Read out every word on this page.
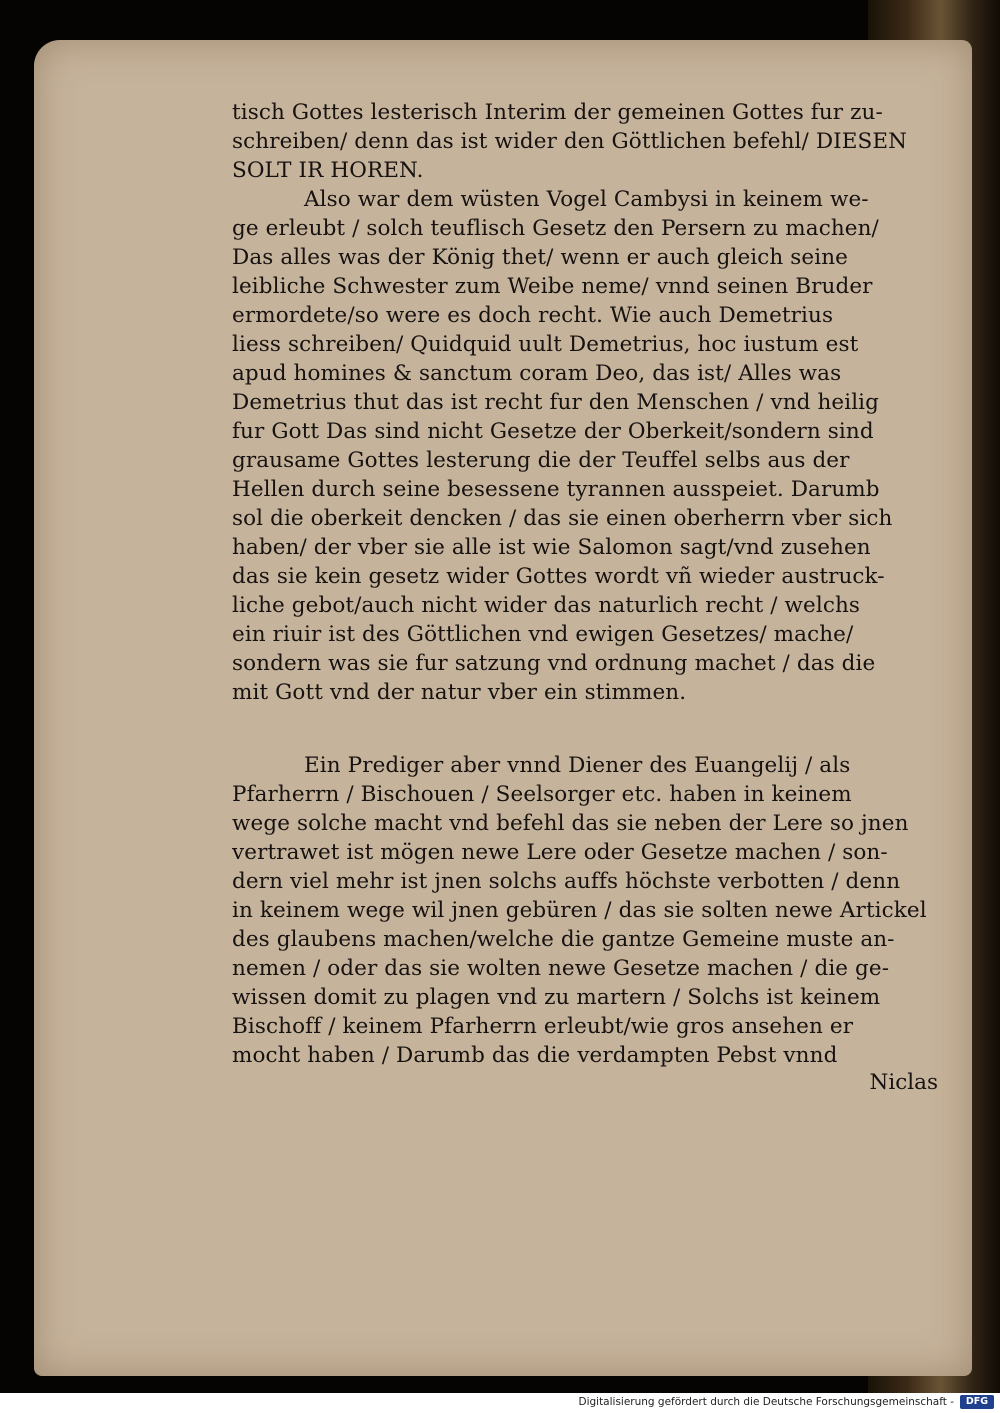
tisch Gottes lesterisch Interim der gemeinen Gottes fur zu-
schreiben/ denn das ist wider den Göttlichen befehl/ DIESEN
SOLT IR HOREN.
Also war dem wüsten Vogel Cambysi in keinem we-
ge erleubt / solch teuflisch Gesetz den Persern zu machen/
Das alles was der König thet/ wenn er auch gleich seine
leibliche Schwester zum Weibe neme/ vnnd seinen Bruder
ermordete/so were es doch recht. Wie auch Demetrius
liess schreiben/ Quidquid uult Demetrius, hoc iustum est
apud homines & sanctum coram Deo, das ist/ Alles was
Demetrius thut das ist recht fur den Menschen / vnd heilig
fur Gott Das sind nicht Gesetze der Oberkeit/sondern sind
grausame Gottes lesterung die der Teuffel selbs aus der
Hellen durch seine besessene tyrannen ausspeiet. Darumb
sol die oberkeit dencken / das sie einen oberherrn vber sich
haben/ der vber sie alle ist wie Salomon sagt/vnd zusehen
das sie kein gesetz wider Gottes wordt vñ wieder austruck-
liche gebot/auch nicht wider das naturlich recht / welchs
ein riuir ist des Göttlichen vnd ewigen Gesetzes/ mache/
sondern was sie fur satzung vnd ordnung machet / das die
mit Gott vnd der natur vber ein stimmen.
Ein Prediger aber vnnd Diener des Euangelij / als
Pfarherrn / Bischouen / Seelsorger etc. haben in keinem
wege solche macht vnd befehl das sie neben der Lere so jnen
vertrawet ist mögen newe Lere oder Gesetze machen / son-
dern viel mehr ist jnen solchs auffs höchste verbotten / denn
in keinem wege wil jnen gebüren / das sie solten newe Artickel
des glaubens machen/welche die gantze Gemeine muste an-
nemen / oder das sie wolten newe Gesetze machen / die ge-
wissen domit zu plagen vnd zu martern / Solchs ist keinem
Bischoff / keinem Pfarherrn erleubt/wie gros ansehen er
mocht haben / Darumb das die verdampten Pebst vnnd
Niclas
Digitalisierung gefördert durch die Deutsche Forschungsgemeinschaft -	DFG
